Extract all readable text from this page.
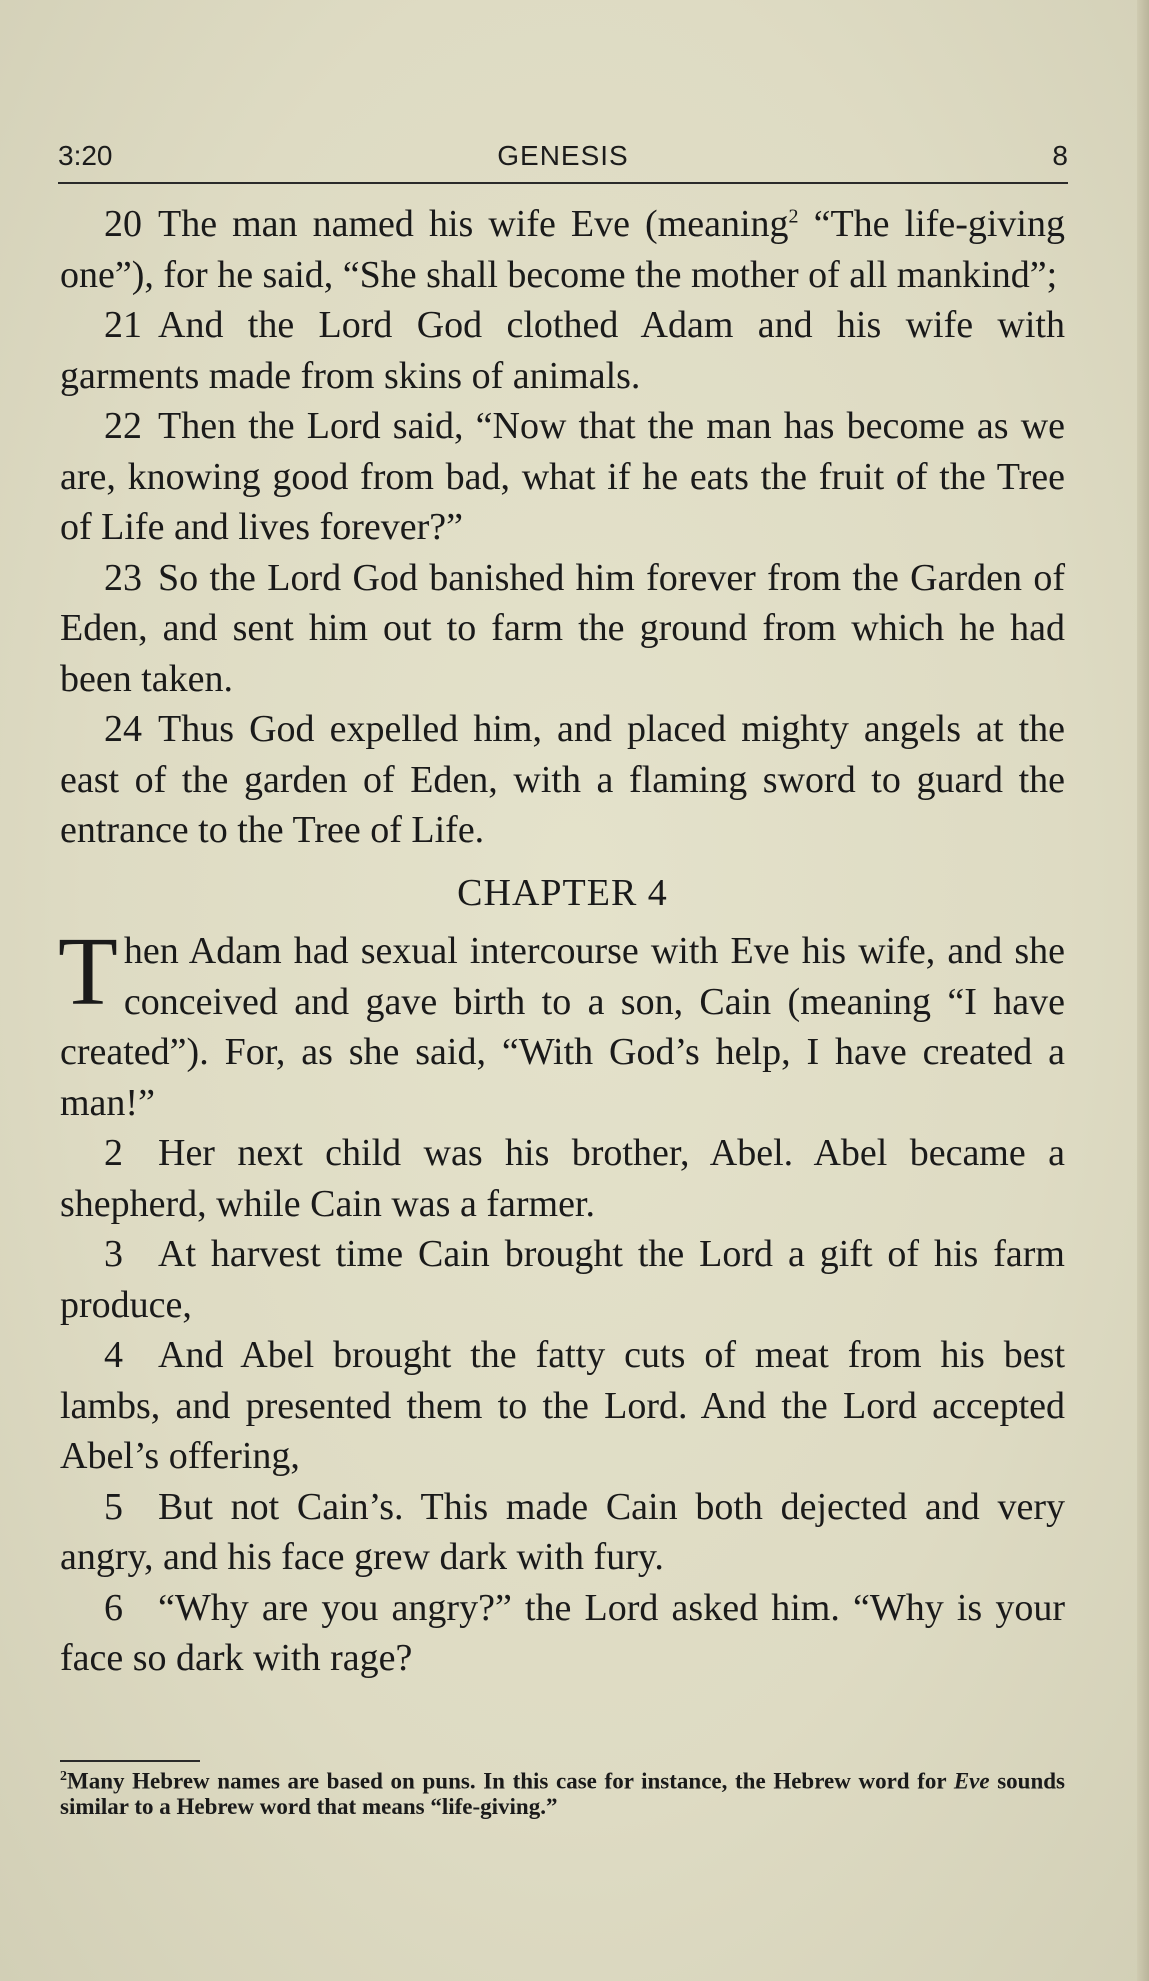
GENESIS
3:20	8

20 The man named his wife Eve (meaning$^2$ “The life-giving one”), for he said, “She shall become the mother of all mankind”;

21 And the Lord God clothed Adam and his wife with garments made from skins of animals.

22 Then the Lord said, “Now that the man has become as we are, knowing good from bad, what if he eats the fruit of the Tree of Life and lives forever?”

23 So the Lord God banished him forever from the Garden of Eden, and sent him out to farm the ground from which he had been taken.

24 Thus God expelled him, and placed mighty angels at the east of the garden of Eden, with a flaming sword to guard the entrance to the Tree of Life.

CHAPTER 4

Then Adam had sexual intercourse with Eve his wife, and she conceived and gave birth to a son, Cain (meaning “I have created”). For, as she said, “With God’s help, I have created a man!”

2 Her next child was his brother, Abel. Abel became a shepherd, while Cain was a farmer.

3 At harvest time Cain brought the Lord a gift of his farm produce,

4 And Abel brought the fatty cuts of meat from his best lambs, and presented them to the Lord. And the Lord accepted Abel’s offering,

5 But not Cain’s. This made Cain both dejected and very angry, and his face grew dark with fury.

6 “Why are you angry?” the Lord asked him. “Why is your face so dark with rage?

$^2$Many Hebrew names are based on puns. In this case for instance, the Hebrew word for Eve sounds similar to a Hebrew word that means “life-giving.”
